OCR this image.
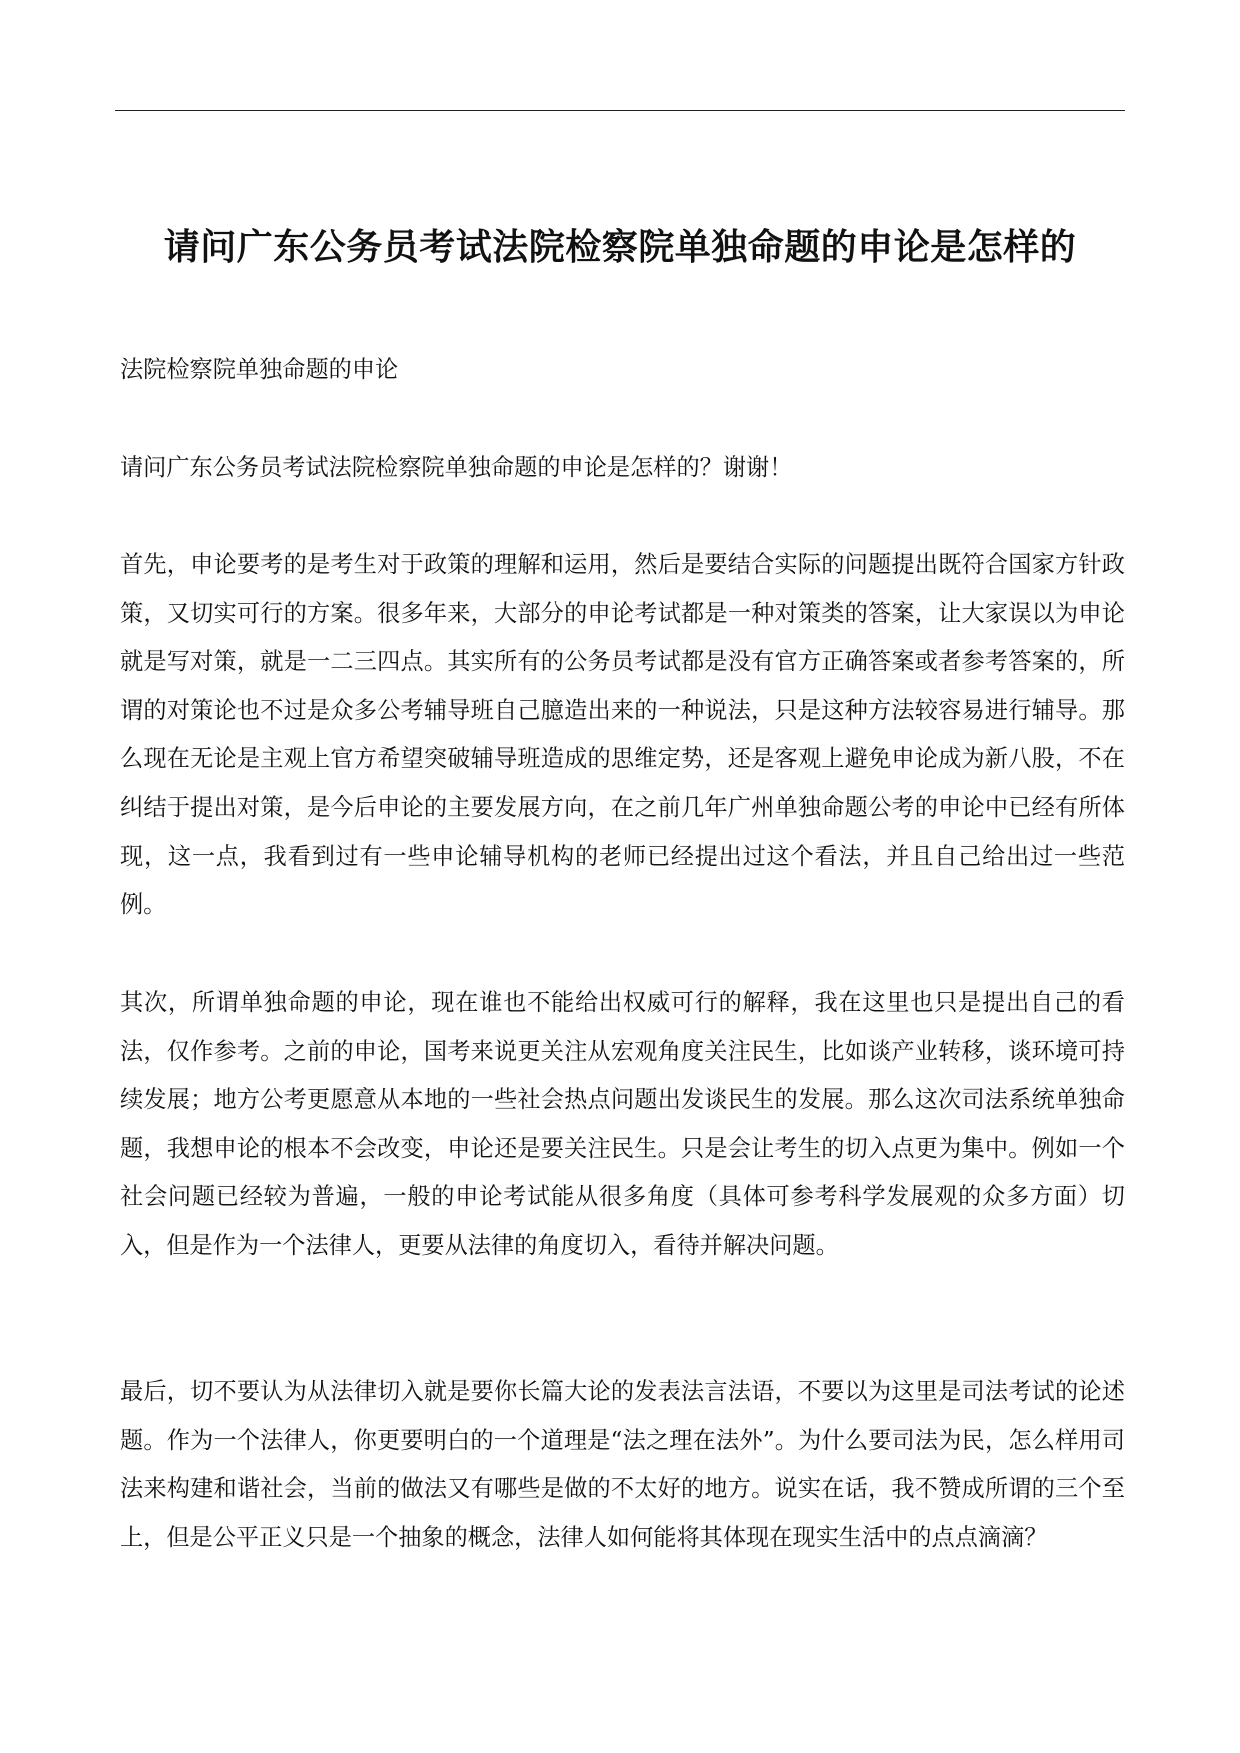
请问广东公务员考试法院检察院单独命题的申论是怎样的

法院检察院单独命题的申论

请问广东公务员考试法院检察院单独命题的申论是怎样的？谢谢！

首先，申论要考的是考生对于政策的理解和运用，然后是要结合实际的问题提出既符合国家方针政策，又切实可行的方案。很多年来，大部分的申论考试都是一种对策类的答案，让大家误以为申论就是写对策，就是一二三四点。其实所有的公务员考试都是没有官方正确答案或者参考答案的，所谓的对策论也不过是众多公考辅导班自己臆造出来的一种说法，只是这种方法较容易进行辅导。那么现在无论是主观上官方希望突破辅导班造成的思维定势，还是客观上避免申论成为新八股，不在纠结于提出对策，是今后申论的主要发展方向，在之前几年广州单独命题公考的申论中已经有所体现，这一点，我看到过有一些申论辅导机构的老师已经提出过这个看法，并且自己给出过一些范例。

其次，所谓单独命题的申论，现在谁也不能给出权威可行的解释，我在这里也只是提出自己的看法，仅作参考。之前的申论，国考来说更关注从宏观角度关注民生，比如谈产业转移，谈环境可持续发展；地方公考更愿意从本地的一些社会热点问题出发谈民生的发展。那么这次司法系统单独命题，我想申论的根本不会改变，申论还是要关注民生。只是会让考生的切入点更为集中。例如一个社会问题已经较为普遍，一般的申论考试能从很多角度（具体可参考科学发展观的众多方面）切入，但是作为一个法律人，更要从法律的角度切入，看待并解决问题。

最后，切不要认为从法律切入就是要你长篇大论的发表法言法语，不要以为这里是司法考试的论述题。作为一个法律人，你更要明白的一个道理是“法之理在法外”。为什么要司法为民，怎么样用司法来构建和谐社会，当前的做法又有哪些是做的不太好的地方。说实在话，我不赞成所谓的三个至上，但是公平正义只是一个抽象的概念，法律人如何能将其体现在现实生活中的点点滴滴？
